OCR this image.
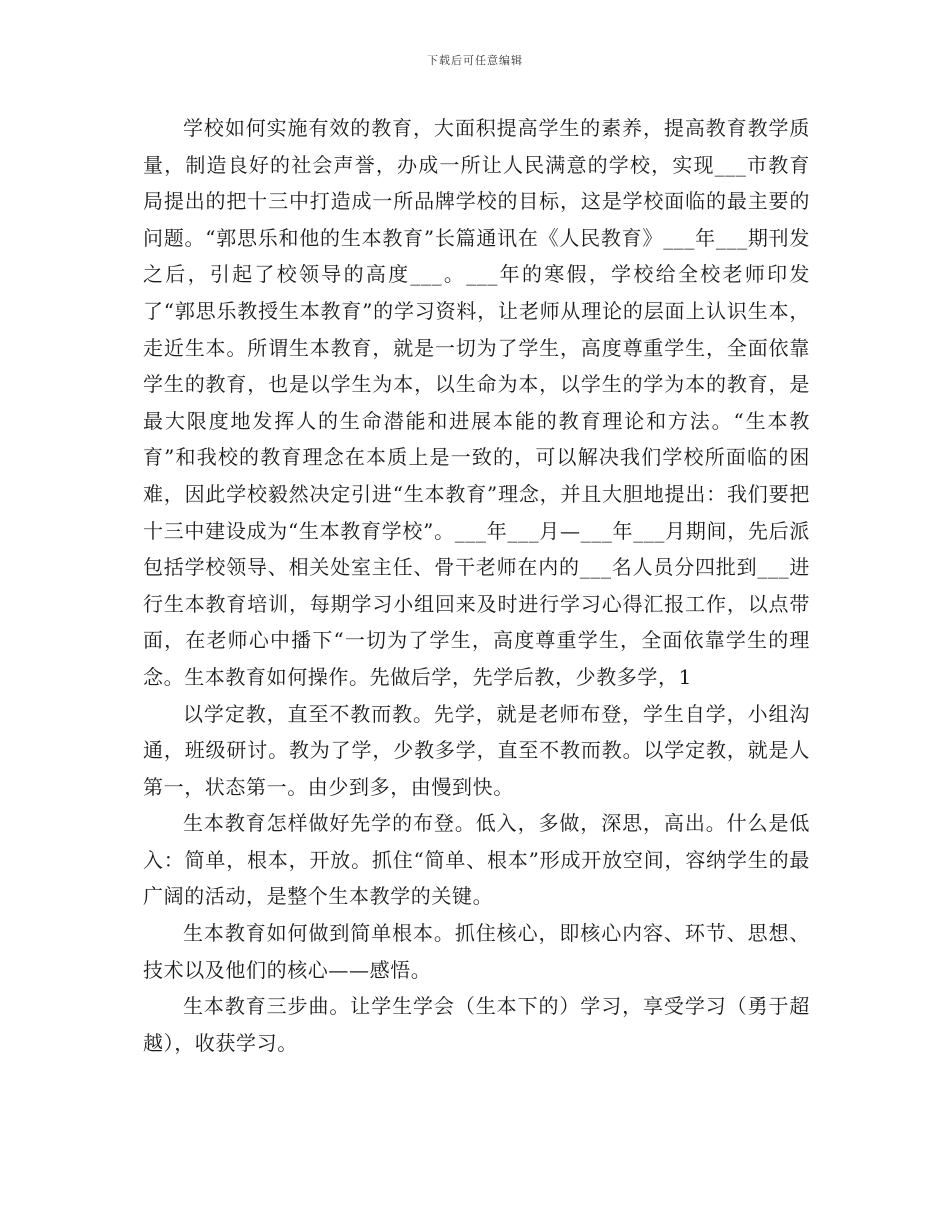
下载后可任意编辑

学校如何实施有效的教育，大面积提高学生的素养，提高教育教学质量，制造良好的社会声誉，办成一所让人民满意的学校，实现___市教育局提出的把十三中打造成一所品牌学校的目标，这是学校面临的最主要的问题。“郭思乐和他的生本教育”长篇通讯在《人民教育》___年___期刊发之后，引起了校领导的高度___。___年的寒假，学校给全校老师印发了“郭思乐教授生本教育”的学习资料，让老师从理论的层面上认识生本，走近生本。所谓生本教育，就是一切为了学生，高度尊重学生，全面依靠学生的教育，也是以学生为本，以生命为本，以学生的学为本的教育，是最大限度地发挥人的生命潜能和进展本能的教育理论和方法。“生本教育”和我校的教育理念在本质上是一致的，可以解决我们学校所面临的困难，因此学校毅然决定引进“生本教育”理念，并且大胆地提出：我们要把十三中建设成为“生本教育学校”。___年___月—___年___月期间，先后派包括学校领导、相关处室主任、骨干老师在内的___名人员分四批到___进行生本教育培训，每期学习小组回来及时进行学习心得汇报工作，以点带面，在老师心中播下“一切为了学生，高度尊重学生，全面依靠学生的理念。生本教育如何操作。先做后学，先学后教，少教多学，1

以学定教，直至不教而教。先学，就是老师布登，学生自学，小组沟通，班级研讨。教为了学，少教多学，直至不教而教。以学定教，就是人第一，状态第一。由少到多，由慢到快。

生本教育怎样做好先学的布登。低入，多做，深思，高出。什么是低入：简单，根本，开放。抓住“简单、根本”形成开放空间，容纳学生的最广阔的活动，是整个生本教学的关键。

生本教育如何做到简单根本。抓住核心，即核心内容、环节、思想、技术以及他们的核心——感悟。

生本教育三步曲。让学生学会（生本下的）学习，享受学习（勇于超越），收获学习。
